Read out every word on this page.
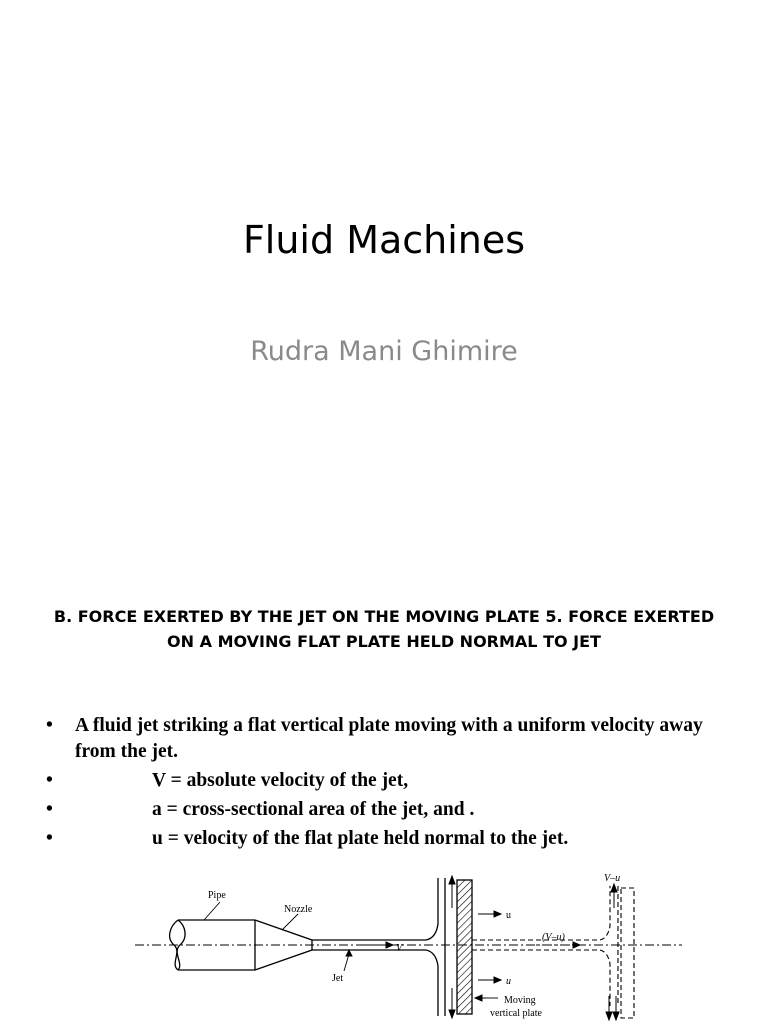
Fluid Machines
Rudra Mani Ghimire
B. FORCE EXERTED BY THE JET ON THE MOVING PLATE 5. FORCE EXERTED ON A MOVING FLAT PLATE HELD NORMAL TO JET
• A fluid jet striking a flat vertical plate moving with a uniform velocity away from the jet.
• V = absolute velocity of the jet,
• a = cross-sectional area of the jet, and .
• u = velocity of the flat plate held normal to the jet.
Pipe
Nozzle
Jet
V
u
u
(V–u)
V–u
Moving
vertical plate
